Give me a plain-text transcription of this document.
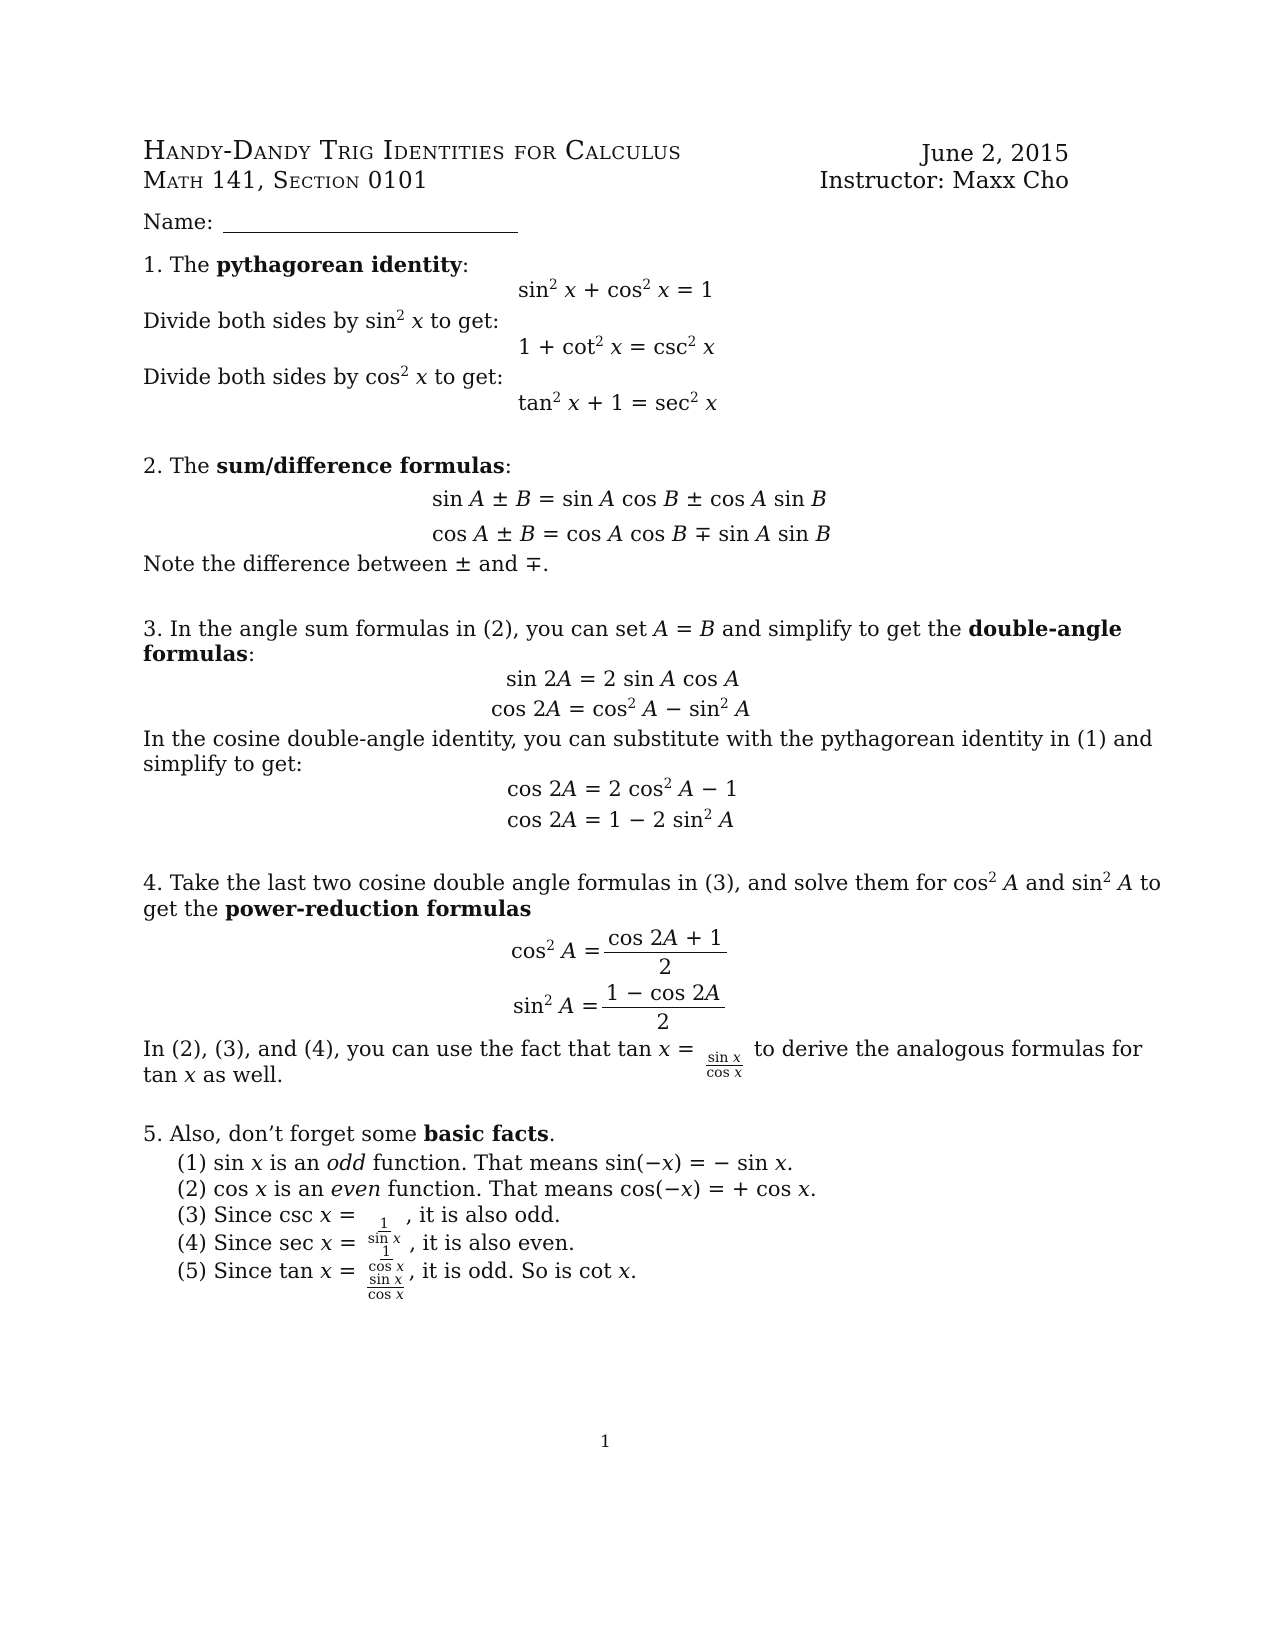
Handy-Dandy Trig Identities for Calculus	June 2, 2015
Math 141, Section 0101	Instructor: Maxx Cho
Name:
1. The pythagorean identity:
$\sin^2 x + \cos^2 x = 1$
Divide both sides by $\sin^2 x$ to get:
$1 + \cot^2 x = \csc^2 x$
Divide both sides by $\cos^2 x$ to get:
$\tan^2 x + 1 = \sec^2 x$
2. The sum/difference formulas:
sin A ± B = sin A cos B ± cos A sin B
cos A ± B = cos A cos B ∓ sin A sin B
Note the difference between ± and ∓.
3. In the angle sum formulas in (2), you can set A = B and simplify to get the double-angle
formulas:
sin 2A = 2 sin A cos A
$\cos 2A = \cos^2 A - \sin^2 A$
In the cosine double-angle identity, you can substitute with the pythagorean identity in (1) and
simplify to get:
cos 2A = 2 $\cos^2 A - 1$
cos 2A = 1 − 2 $\sin^2 A$
4. Take the last two cosine double angle formulas in (3), and solve them for $\cos^2 A$ and $\sin^2 A$ to
get the power-reduction formulas
$\cos^2 A = \frac{\cos 2A + 1}{2}$
$\sin^2 A = \frac{1 - \cos 2A}{2}$
In (2), (3), and (4), you can use the fact that tan x =
$\frac{\text{sin x}}{\text{cos x}}$
to derive the analogous formulas for
tan x as well.
5. Also, don’t forget some basic facts.
(1) sin x is an odd function. That means sin(−x) = − sin x.
(2) cos x is an even function. That means cos(−x) = + cos x.
(3) Since csc x =
$\frac{1}{\text{sin x}}$
, it is also odd.
(4) Since sec x =
$\frac{1}{\text{cos x}}$
, it is also even.
(5) Since tan x =
$\frac{\text{sin x}}{\text{cos x}}$
, it is odd. So is cot x.
1
